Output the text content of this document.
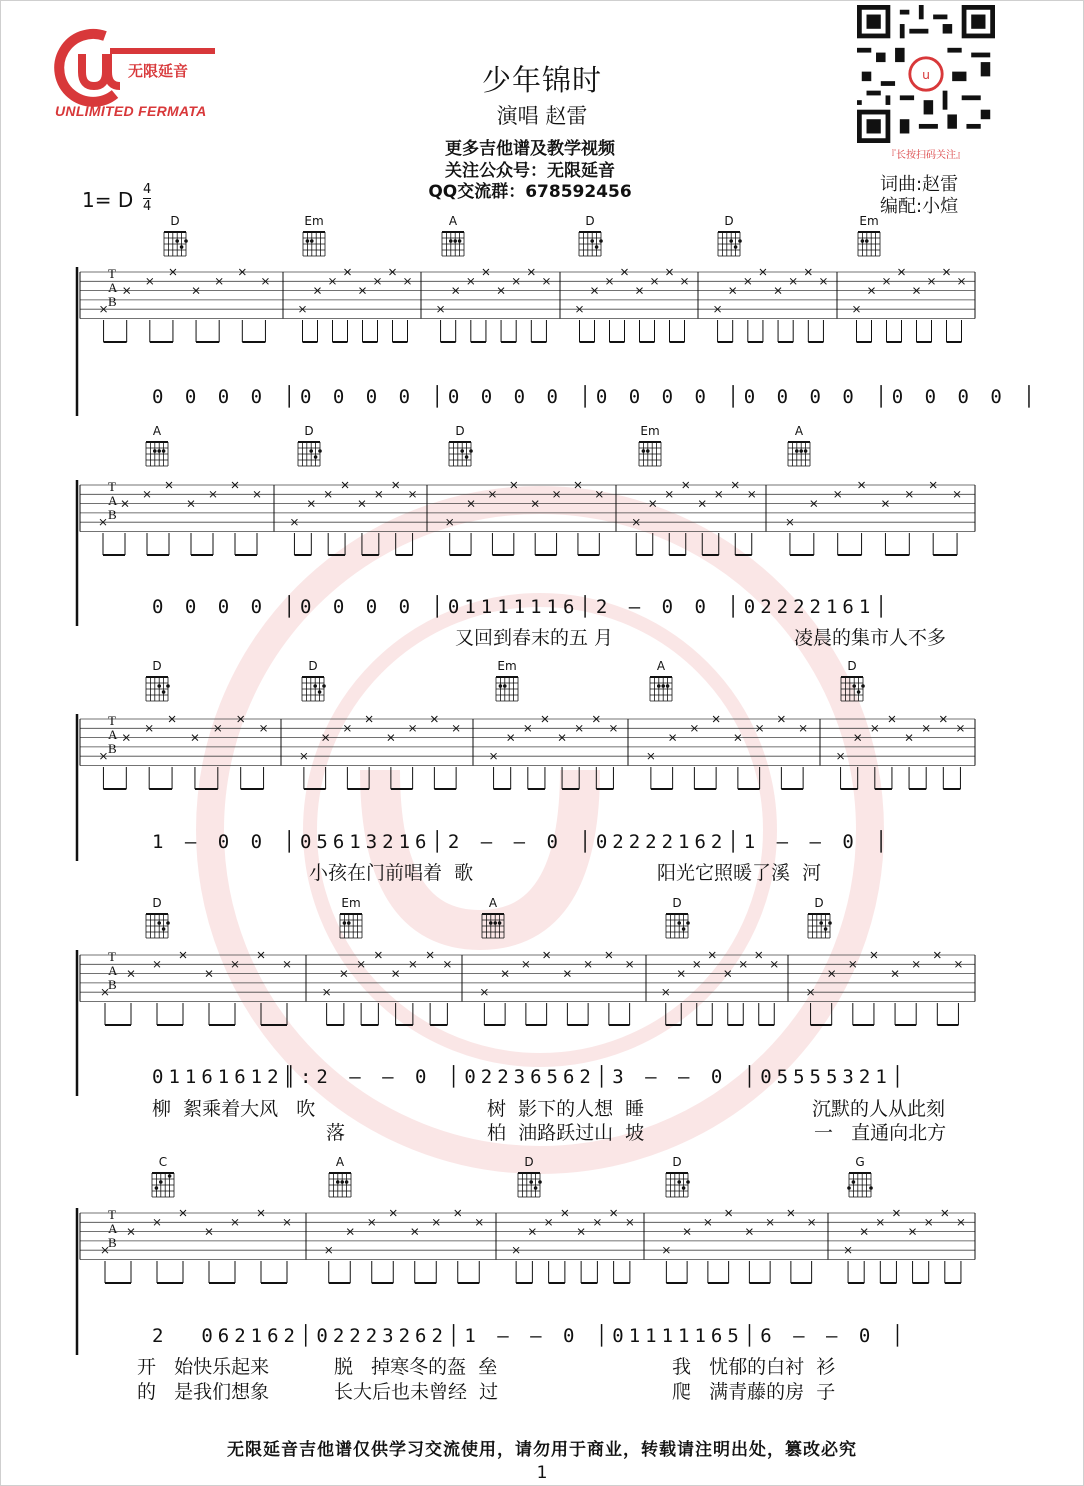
无限延音
UNLIMITED FERMATA
少年锦时
演唱 赵雷
更多吉他谱及教学视频
关注公众号：无限延音
QQ交流群：678592456
u
『长按扫码关注』
词曲:赵雷
编配:小煊
1= D 4
4
D	Em	A	D	D	Em
T
A
B
0 0 0 0 │0 0 0 0 │0 0 0 0 │0 0 0 0 │0 0 0 0 │0 0 0 0 │
A	D	D	Em	A
T
A
B
0 0 0 0 │0 0 0 0 │01111116│2 – 0 0 │02222161│
又回到春末的五 月	凌晨的集市人不多
D	D	Em	A	D
T
A
B
1 – 0 0 │05613216│2 – – 0 │02222162│1 – – 0 │
小孩在门前唱着  歌	阳光它照暖了溪  河
D	Em	A	D	D
T
A
B
01161612║:2 – – 0 │02236562│3 – – 0 │05555321│
柳  絮乘着大风   吹	树  影下的人想  睡	沉默的人从此刻
落	柏  油路跃过山  坡	一   直通向北方
C	A	D	D	G
T
A
B
2  062162│02223262│1 – – 0 │01111165│6 – – 0 │
开   始快乐起来	脱   掉寒冬的盔  垒	我   忧郁的白衬  衫
的   是我们想象	长大后也未曾经  过	爬   满青藤的房  子
无限延音吉他谱仅供学习交流使用，请勿用于商业，转载请注明出处，篡改必究
1
